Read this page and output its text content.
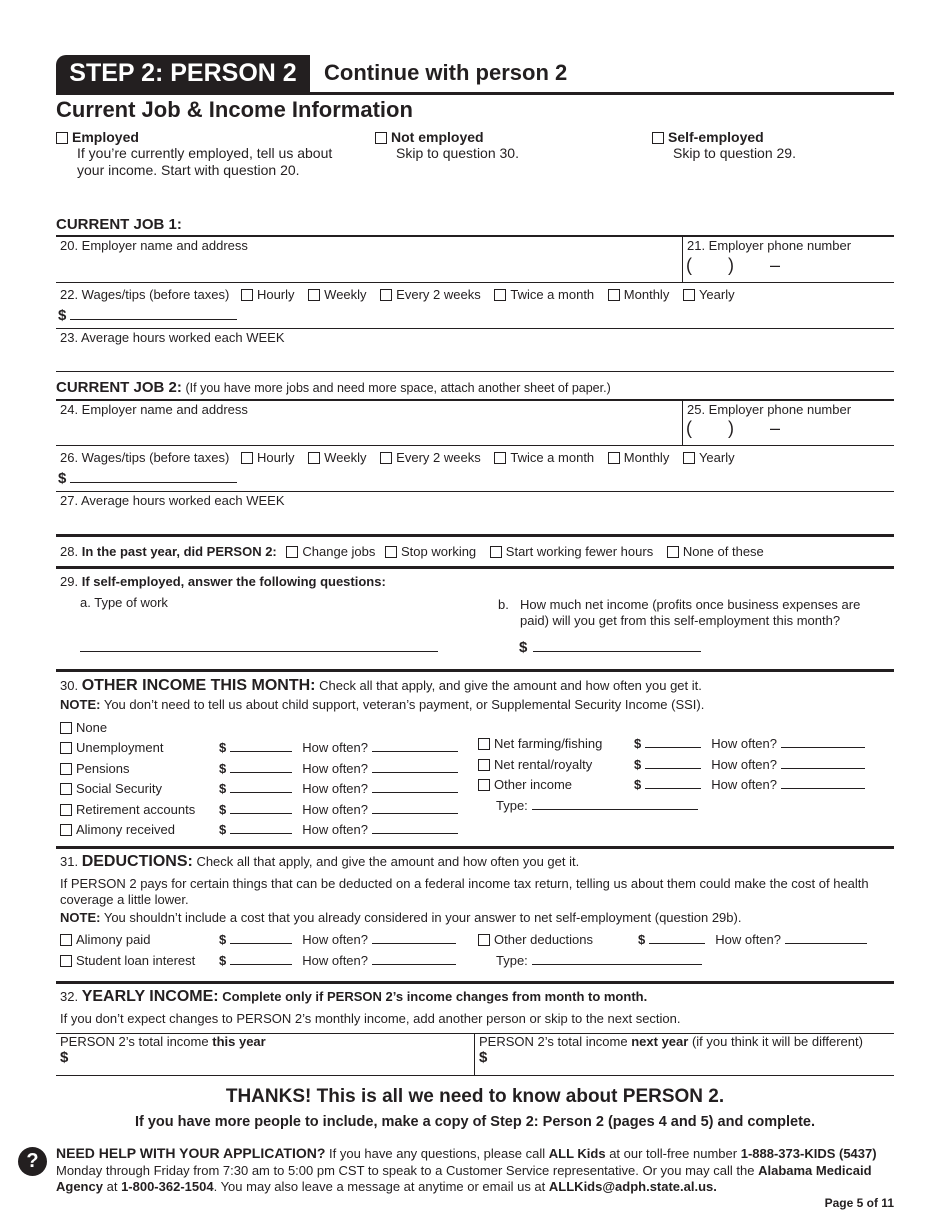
STEP 2: PERSON 2	Continue with person 2
Current Job & Income Information
Employed
If you’re currently employed, tell us about your income. Start with question 20.
Not employed
Skip to question 30.
Self-employed
Skip to question 29.
CURRENT JOB 1:
20. Employer name and address	21. Employer phone number
( ) –
22. Wages/tips (before taxes) Hourly Weekly Every 2 weeks Twice a month Monthly Yearly
$
23. Average hours worked each WEEK
CURRENT JOB 2: (If you have more jobs and need more space, attach another sheet of paper.)
24. Employer name and address	25. Employer phone number
( ) –
26. Wages/tips (before taxes) Hourly Weekly Every 2 weeks Twice a month Monthly Yearly
$
27. Average hours worked each WEEK
28. In the past year, did PERSON 2: Change jobs Stop working Start working fewer hours None of these
29. If self-employed, answer the following questions:
a. Type of work	b. How much net income (profits once business expenses are paid) will you get from this self-employment this month?
$
30. OTHER INCOME THIS MONTH: Check all that apply, and give the amount and how often you get it.
NOTE: You don’t need to tell us about child support, veteran’s payment, or Supplemental Security Income (SSI).
None
Unemployment	$	How often?
Pensions	$	How often?
Social Security	$	How often?
Retirement accounts $	How often?
Alimony received	$	How often?
Net farming/fishing $	How often?
Net rental/royalty	$	How often?
Other income	$	How often?
Type:
31. DEDUCTIONS: Check all that apply, and give the amount and how often you get it.
If PERSON 2 pays for certain things that can be deducted on a federal income tax return, telling us about them could make the cost of health coverage a little lower.
NOTE: You shouldn’t include a cost that you already considered in your answer to net self-employment (question 29b).
Alimony paid	$	How often?
Student loan interest $	How often?
Other deductions	$	How often?
Type:
32. YEARLY INCOME: Complete only if PERSON 2’s income changes from month to month.
If you don’t expect changes to PERSON 2’s monthly income, add another person or skip to the next section.
PERSON 2’s total income this year
$
PERSON 2’s total income next year (if you think it will be different)
$
THANKS! This is all we need to know about PERSON 2.
If you have more people to include, make a copy of Step 2: Person 2 (pages 4 and 5) and complete.
?	NEED HELP WITH YOUR APPLICATION? If you have any questions, please call ALL Kids at our toll-free number 1-888-373-KIDS (5437) Monday through Friday from 7:30 am to 5:00 pm CST to speak to a Customer Service representative. Or you may call the Alabama Medicaid Agency at 1-800-362-1504. You may also leave a message at anytime or email us at ALLKids@adph.state.al.us.
Page 5 of 11
